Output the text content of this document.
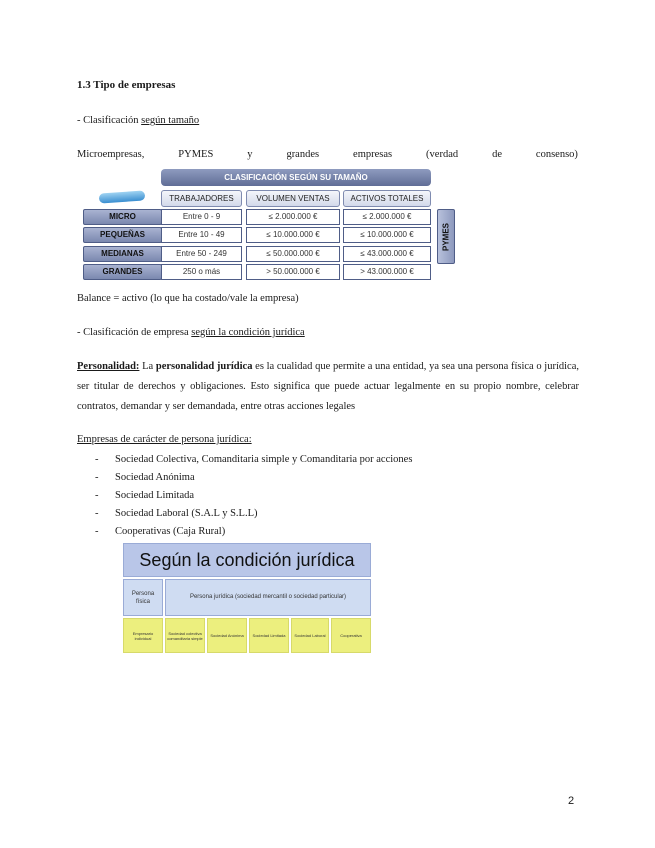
1.3 Tipo de empresas
- Clasificación según tamaño
Microempresas,	PYMES	y	grandes	empresas	(verdad	de	consenso)
CLASIFICACIÓN SEGÚN SU TAMAÑO
TRABAJADORES	VOLUMEN VENTAS	ACTIVOS TOTALES
MICRO	Entre 0 - 9	≤ 2.000.000 €	≤ 2.000.000 €
PEQUEÑAS	Entre 10 - 49	≤ 10.000.000 €	≤ 10.000.000 €
MEDIANAS	Entre 50 - 249	≤ 50.000.000 €	≤ 43.000.000 €
GRANDES	250 o más	> 50.000.000 €	> 43.000.000 €
PYMES
Balance = activo (lo que ha costado/vale la empresa)
- Clasificación de empresa según la condición jurídica
Personalidad: La personalidad jurídica es la cualidad que permite a una entidad, ya sea una persona física o jurídica, ser titular de derechos y obligaciones. Esto significa que puede actuar legalmente en su propio nombre, celebrar contratos, demandar y ser demandada, entre otras acciones legales
Empresas de carácter de persona jurídica:
- Sociedad Colectiva, Comanditaria simple y Comanditaria por acciones
- Sociedad Anónima
- Sociedad Limitada
- Sociedad Laboral (S.A.L y S.L.L)
- Cooperativas (Caja Rural)
Según la condición jurídica
Persona física
Persona jurídica (sociedad mercantil o sociedad particular)
Empresario individual
Sociedad colectiva comanditaria simple	Sociedad Anónima	Sociedad Limitada	Sociedad Laboral	Cooperativa
2
